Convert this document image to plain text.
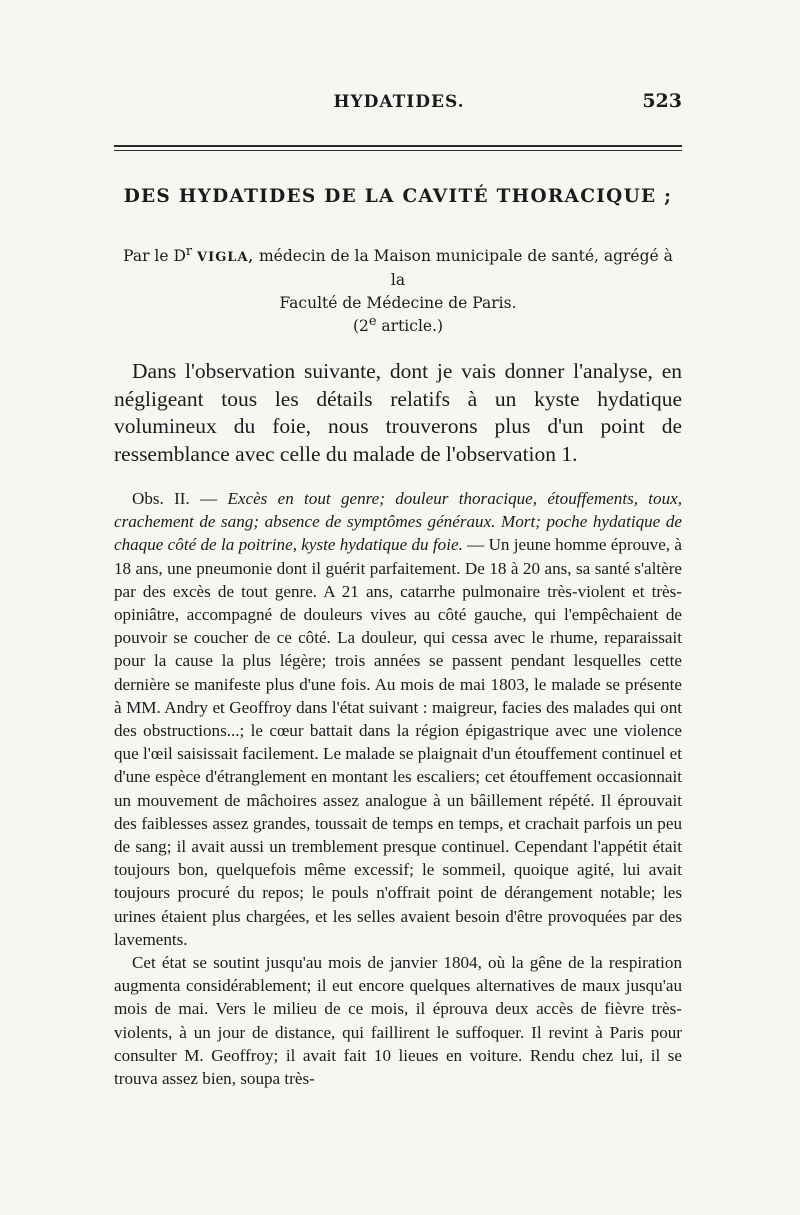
HYDATIDES.	523
DES HYDATIDES DE LA CAVITÉ THORACIQUE ;
Par le $D^r$ VIGLA, médecin de la Maison municipale de santé, agrégé à la
Faculté de Médecine de Paris.
(2e article.)

Dans l'observation suivante, dont je vais donner l'analyse, en négligeant tous les détails relatifs à un kyste hydatique volumineux du foie, nous trouverons plus d'un point de ressemblance avec celle du malade de l'observation 1.

Obs. II. — Excès en tout genre; douleur thoracique, étouffements, toux, crachement de sang; absence de symptômes généraux. Mort; poche hydatique de chaque côté de la poitrine, kyste hydatique du foie. — Un jeune homme éprouve, à 18 ans, une pneumonie dont il guérit parfaitement. De 18 à 20 ans, sa santé s'altère par des excès de tout genre. A 21 ans, catarrhe pulmonaire très-violent et très-opiniâtre, accompagné de douleurs vives au côté gauche, qui l'empêchaient de pouvoir se coucher de ce côté. La douleur, qui cessa avec le rhume, reparaissait pour la cause la plus légère; trois années se passent pendant lesquelles cette dernière se manifeste plus d'une fois. Au mois de mai 1803, le malade se présente à MM. Andry et Geoffroy dans l'état suivant : maigreur, facies des malades qui ont des obstructions...; le cœur battait dans la région épigastrique avec une violence que l'œil saisissait facilement. Le malade se plaignait d'un étouffement continuel et d'une espèce d'étranglement en montant les escaliers; cet étouffement occasionnait un mouvement de mâchoires assez analogue à un bâillement répété. Il éprouvait des faiblesses assez grandes, toussait de temps en temps, et crachait parfois un peu de sang; il avait aussi un tremblement presque continuel. Cependant l'appétit était toujours bon, quelquefois même excessif; le sommeil, quoique agité, lui avait toujours procuré du repos; le pouls n'offrait point de dérangement notable; les urines étaient plus chargées, et les selles avaient besoin d'être provoquées par des lavements.

Cet état se soutint jusqu'au mois de janvier 1804, où la gêne de la respiration augmenta considérablement; il eut encore quelques alternatives de maux jusqu'au mois de mai. Vers le milieu de ce mois, il éprouva deux accès de fièvre très-violents, à un jour de distance, qui faillirent le suffoquer. Il revint à Paris pour consulter M. Geoffroy; il avait fait 10 lieues en voiture. Rendu chez lui, il se trouva assez bien, soupa très-
